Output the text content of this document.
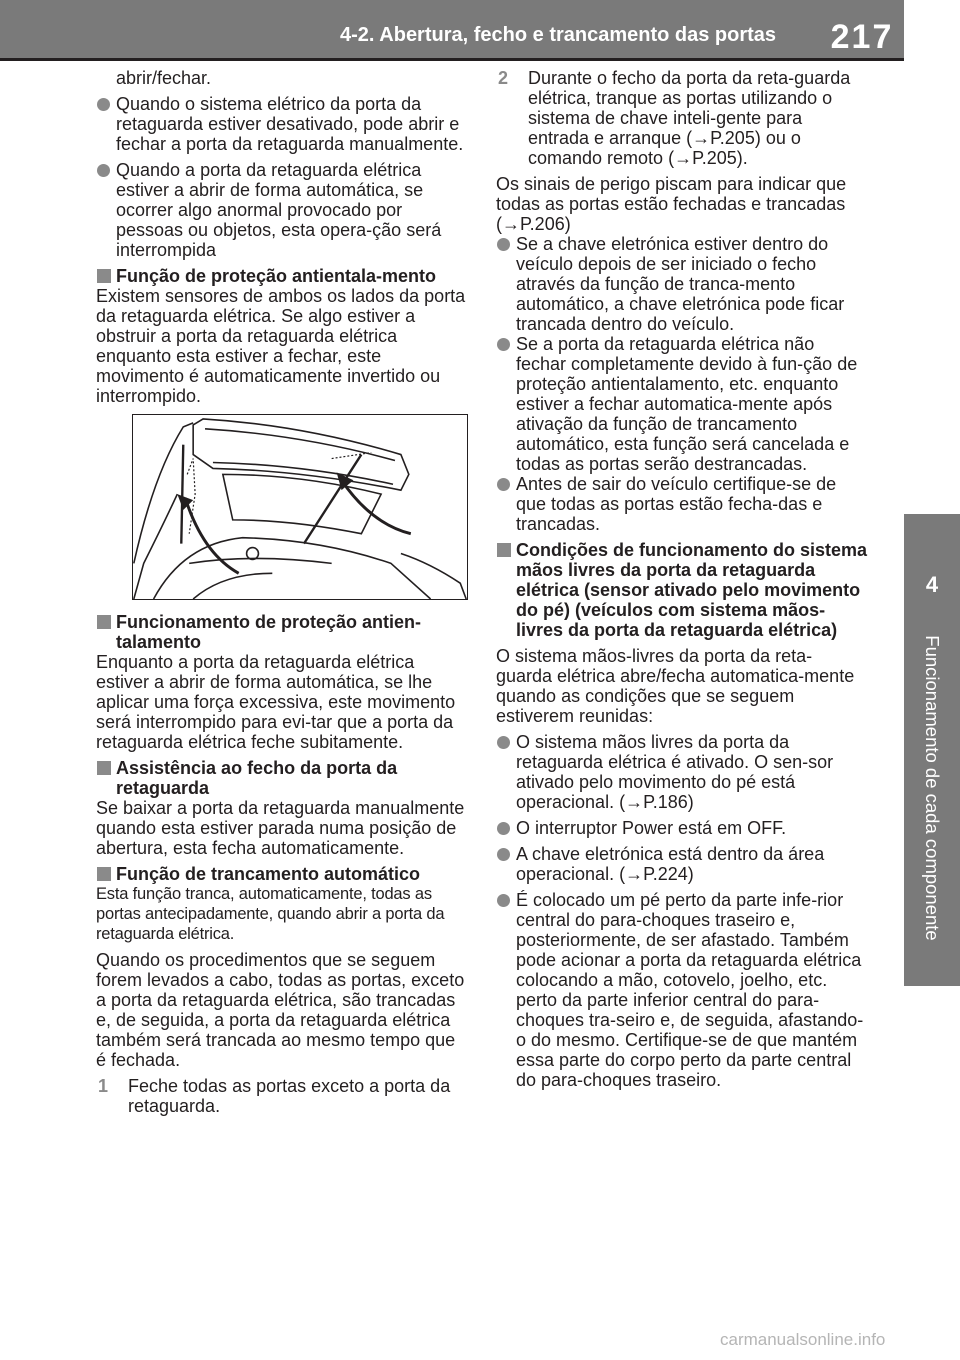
4-2. Abertura, fecho e trancamento das portas	217
4
Funcionamento de cada componente
abrir/fechar.
Quando o sistema elétrico da porta da retaguarda estiver desativado, pode abrir e fechar a porta da retaguarda manualmente.
Quando a porta da retaguarda elétrica estiver a abrir de forma automática, se ocorrer algo anormal provocado por pessoas ou objetos, esta opera-ção será interrompida
Função de proteção antientala-mento
Existem sensores de ambos os lados da porta da retaguarda elétrica. Se algo estiver a obstruir a porta da retaguarda elétrica enquanto esta estiver a fechar, este movimento é automaticamente invertido ou interrompido.
Funcionamento de proteção antien-talamento
Enquanto a porta da retaguarda elétrica estiver a abrir de forma automática, se lhe aplicar uma força excessiva, este movimento será interrompido para evi-tar que a porta da retaguarda elétrica feche subitamente.
Assistência ao fecho da porta da retaguarda
Se baixar a porta da retaguarda manualmente quando esta estiver parada numa posição de abertura, esta fecha automaticamente.
Função de trancamento automático
Esta função tranca, automaticamente, todas as portas antecipadamente, quando abrir a porta da retaguarda elétrica.
Quando os procedimentos que se seguem forem levados a cabo, todas as portas, exceto a porta da retaguarda elétrica, são trancadas e, de seguida, a porta da retaguarda elétrica também será trancada ao mesmo tempo que é fechada.
1 Feche todas as portas exceto a porta da retaguarda.
2 Durante o fecho da porta da reta-guarda elétrica, tranque as portas utilizando o sistema de chave inteli-gente para entrada e arranque (→P.205) ou o comando remoto (→P.205).
Os sinais de perigo piscam para indicar que todas as portas estão fechadas e trancadas (→P.206)
Se a chave eletrónica estiver dentro do veículo depois de ser iniciado o fecho através da função de tranca-mento automático, a chave eletrónica pode ficar trancada dentro do veículo.
Se a porta da retaguarda elétrica não fechar completamente devido à fun-ção de proteção antientalamento, etc. enquanto estiver a fechar automatica-mente após ativação da função de trancamento automático, esta função será cancelada e todas as portas serão destrancadas.
Antes de sair do veículo certifique-se de que todas as portas estão fecha-das e trancadas.
Condições de funcionamento do sistema mãos livres da porta da retaguarda elétrica (sensor ativado pelo movimento do pé) (veículos com sistema mãos-livres da porta da retaguarda elétrica)
O sistema mãos-livres da porta da reta-guarda elétrica abre/fecha automatica-mente quando as condições que se seguem estiverem reunidas:
O sistema mãos livres da porta da retaguarda elétrica é ativado. O sen-sor ativado pelo movimento do pé está operacional. (→P.186)
O interruptor Power está em OFF.
A chave eletrónica está dentro da área operacional. (→P.224)
É colocado um pé perto da parte infe-rior central do para-choques traseiro e, posteriormente, de ser afastado. Também pode acionar a porta da retaguarda elétrica colocando a mão, cotovelo, joelho, etc. perto da parte inferior central do para-choques tra-seiro e, de seguida, afastando-o do mesmo. Certifique-se de que mantém essa parte do corpo perto da parte central do para-choques traseiro.
carmanualsonline.info
